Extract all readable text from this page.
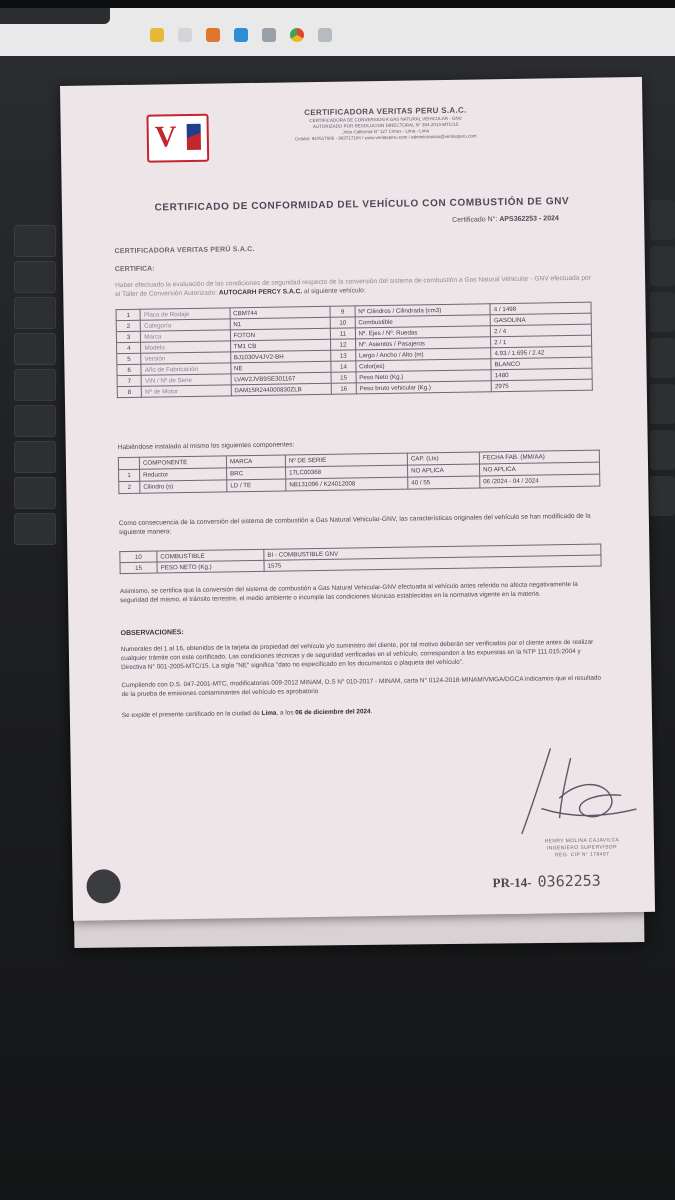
V
CERTIFICADORA VERITAS PERU S.A.C.
CERTIFICADORA DE CONVERSION A GAS NATURAL VEHICULAR - GNV
AUTORIZADO POR RESOLUCION DIRECTORAL N° 394-2014-MTC/15
Jirón California N° 127 Cimex - Lima - Lima
Celular: 947617086 - 983717184 / www.veritasperu.com / administracion@veritasperu.com
CERTIFICADO DE CONFORMIDAD DEL VEHÍCULO CON COMBUSTIÓN DE GNV
Certificado N°: APS362253 - 2024
CERTIFICADORA VERITAS PERÚ S.A.C.
CERTIFICA:
Haber efectuado la evaluación de las condiciones de seguridad respecto de la conversión del sistema de combustión a Gas Natural Vehicular - GNV efectuada por el Taller de Conversión Autorizado: AUTOCARH PERCY S.A.C. al siguiente vehículo:
1	Placa de Rodaje	CBM744	9	Nº Cilindros / Cilindrada (cm3)	4 / 1498
2	Categoría	N1	10	Combustible	GASOLINA
3	Marca	FOTON	11	Nº. Ejes / Nº. Ruedas	2 / 4
4	Modelo	TM1 CB	12	Nº. Asientos / Pasajeros	2 / 1
5	Versión	BJ1030V4JV2-BH	13	Largo / Ancho / Alto (m)	4.93 / 1.695 / 2.42
6	Año de Fabricación	NE	14	Color(es)	BLANCO
7	VIN / Nº de Serie	LVAV2JVB9SE301167	15	Peso Neto (Kg.)	1480
8	Nº de Motor	DAM15R244000830ZLB	16	Peso bruto vehicular (Kg.)	2975
Habiéndose instalado al mismo los siguientes componentes:
	COMPONENTE	MARCA	Nº DE SERIE	CAP. (Lts)	FECHA FAB. (MM/AA)
1	Reductor	BRC	17LC00368	NO APLICA	NO APLICA
2	Cilindro (s)	LD / TE	NB131096 / K24012008	40 / 55	06 /2024 - 04 / 2024
Como consecuencia de la conversión del sistema de combustión a Gas Natural Vehicular-GNV, las características originales del vehículo se han modificado de la siguiente manera:
10	COMBUSTIBLE	BI - COMBUSTIBLE GNV
15	PESO NETO (Kg.)	1575
Asimismo, se certifica que la conversión del sistema de combustión a Gas Natural Vehicular-GNV efectuada al vehículo antes referido no afecta negativamente la seguridad del mismo, el tránsito terrestre, el medio ambiente o incumple las condiciones técnicas establecidas en la normativa vigente en la materia.
OBSERVACIONES:
Numerales del 1 al 16, obtenidos de la tarjeta de propiedad del vehículo y/o suministro del cliente, por tal motivo deberán ser verificados por el cliente antes de realizar cualquier trámite con este certificado. Las condiciones técnicas y de seguridad verificadas en el vehículo, corresponden a las expuestas en la NTP 111.015:2004 y Directiva N° 001-2005-MTC/15. La sigla "NE" significa "dato no especificado en los documentos o plaqueta del vehículo".
Cumpliendo con D.S. 047-2001-MTC, modificatorias 009-2012 MINAM, D.S N° 010-2017 - MINAM, carta N° 0124-2018-MINAM/VMGA/DGCA indicamos que el resultado de la prueba de emisiones contaminantes del vehículo es aprobatorio
Se expide el presente certificado en la ciudad de Lima, a los 06 de diciembre del 2024.
HENRY MOLINA CAJAVILCA
INGENIERO SUPERVISOR
REG. CIP N° 178497
PR-14- 0362253
